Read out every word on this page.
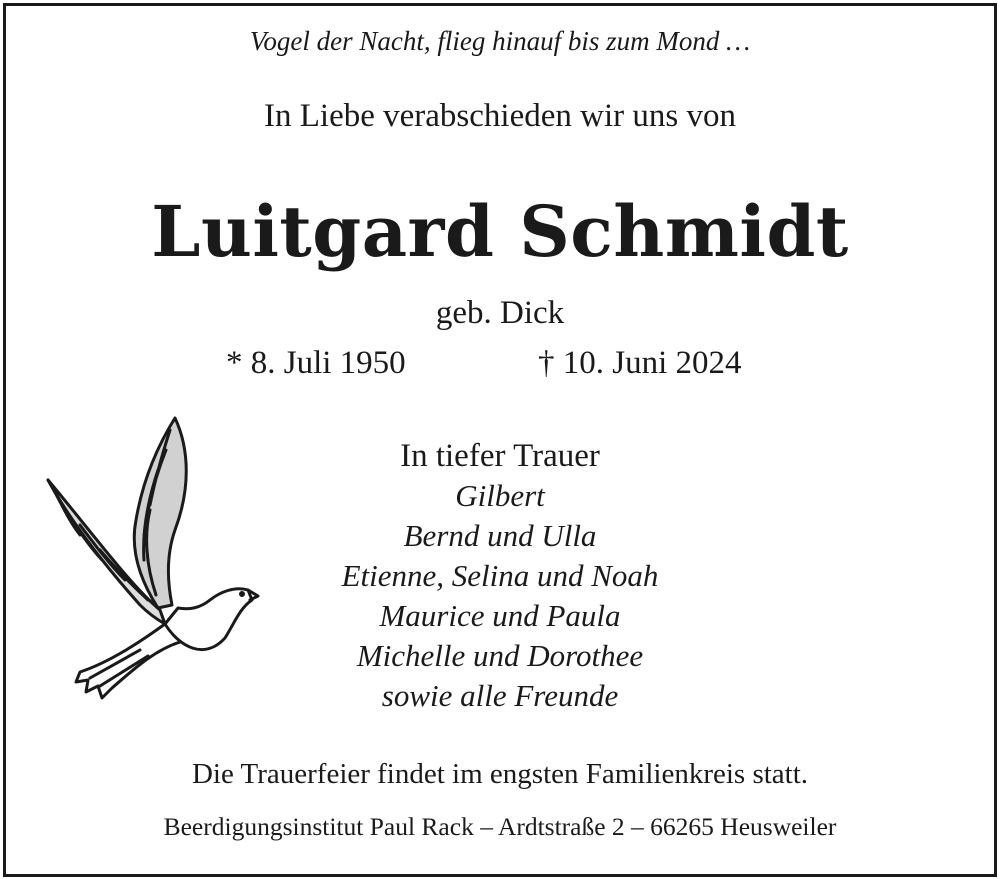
Vogel der Nacht, flieg hinauf bis zum Mond …
In Liebe verabschieden wir uns von
Luitgard Schmidt
geb. Dick
* 8. Juli 1950	† 10. Juni 2024
In tiefer Trauer
Gilbert
Bernd und Ulla
Etienne, Selina und Noah
Maurice und Paula
Michelle und Dorothee
sowie alle Freunde
Die Trauerfeier findet im engsten Familienkreis statt.
Beerdigungsinstitut Paul Rack – Ardtstraße 2 – 66265 Heusweiler
